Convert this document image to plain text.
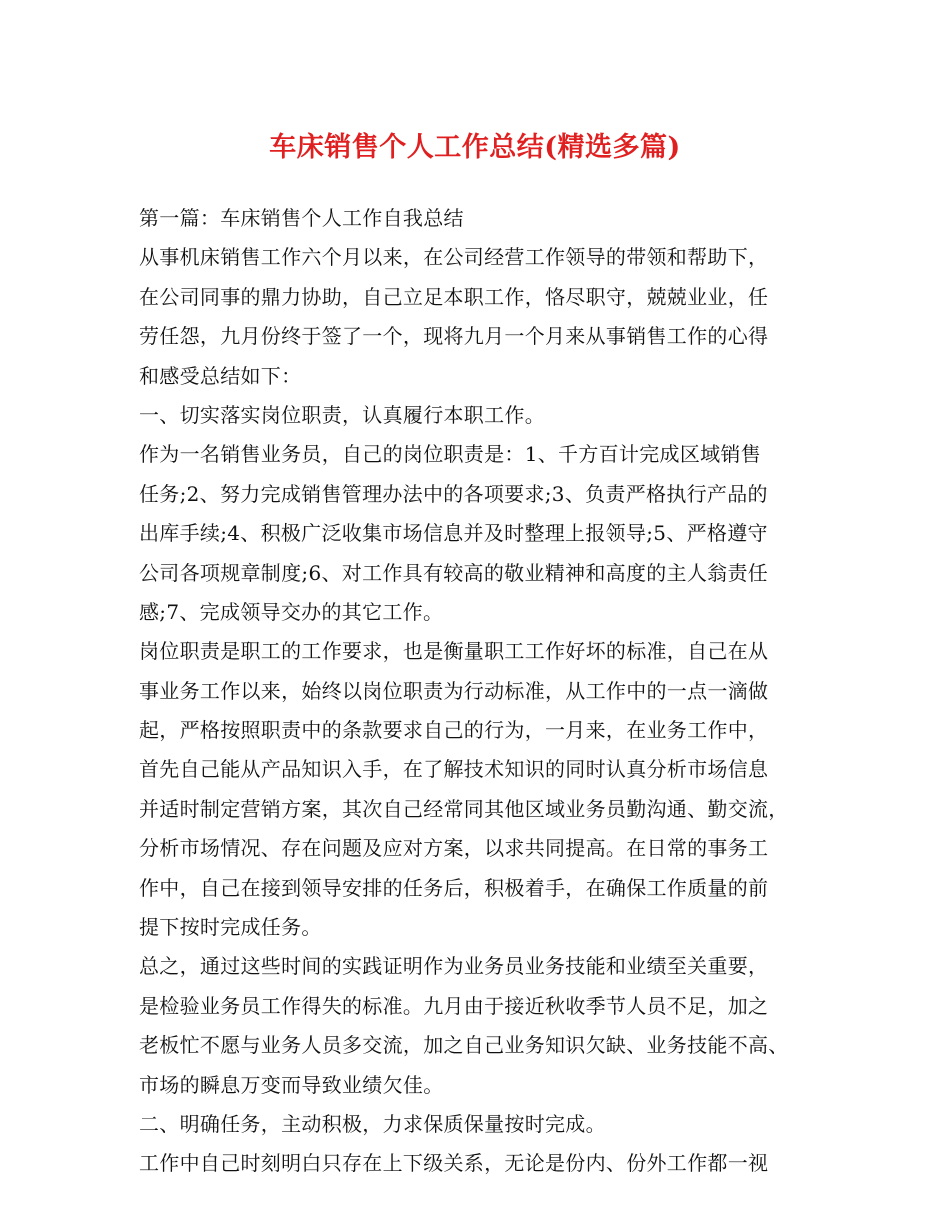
车床销售个人工作总结(精选多篇)
第一篇：车床销售个人工作自我总结
从事机床销售工作六个月以来，在公司经营工作领导的带领和帮助下，
在公司同事的鼎力协助，自己立足本职工作，恪尽职守，兢兢业业，任
劳任怨，九月份终于签了一个，现将九月一个月来从事销售工作的心得
和感受总结如下：
一、切实落实岗位职责，认真履行本职工作。
作为一名销售业务员，自己的岗位职责是：1、千方百计完成区域销售
任务;2、努力完成销售管理办法中的各项要求;3、负责严格执行产品的
出库手续;4、积极广泛收集市场信息并及时整理上报领导;5、严格遵守
公司各项规章制度;6、对工作具有较高的敬业精神和高度的主人翁责任
感;7、完成领导交办的其它工作。
岗位职责是职工的工作要求，也是衡量职工工作好坏的标准，自己在从
事业务工作以来，始终以岗位职责为行动标准，从工作中的一点一滴做
起，严格按照职责中的条款要求自己的行为，一月来，在业务工作中，
首先自己能从产品知识入手，在了解技术知识的同时认真分析市场信息
并适时制定营销方案，其次自己经常同其他区域业务员勤沟通、勤交流，
分析市场情况、存在问题及应对方案，以求共同提高。在日常的事务工
作中，自己在接到领导安排的任务后，积极着手，在确保工作质量的前
提下按时完成任务。
总之，通过这些时间的实践证明作为业务员业务技能和业绩至关重要，
是检验业务员工作得失的标准。九月由于接近秋收季节人员不足，加之
老板忙不愿与业务人员多交流，加之自己业务知识欠缺、业务技能不高、
市场的瞬息万变而导致业绩欠佳。
二、明确任务，主动积极，力求保质保量按时完成。
工作中自己时刻明白只存在上下级关系，无论是份内、份外工作都一视
